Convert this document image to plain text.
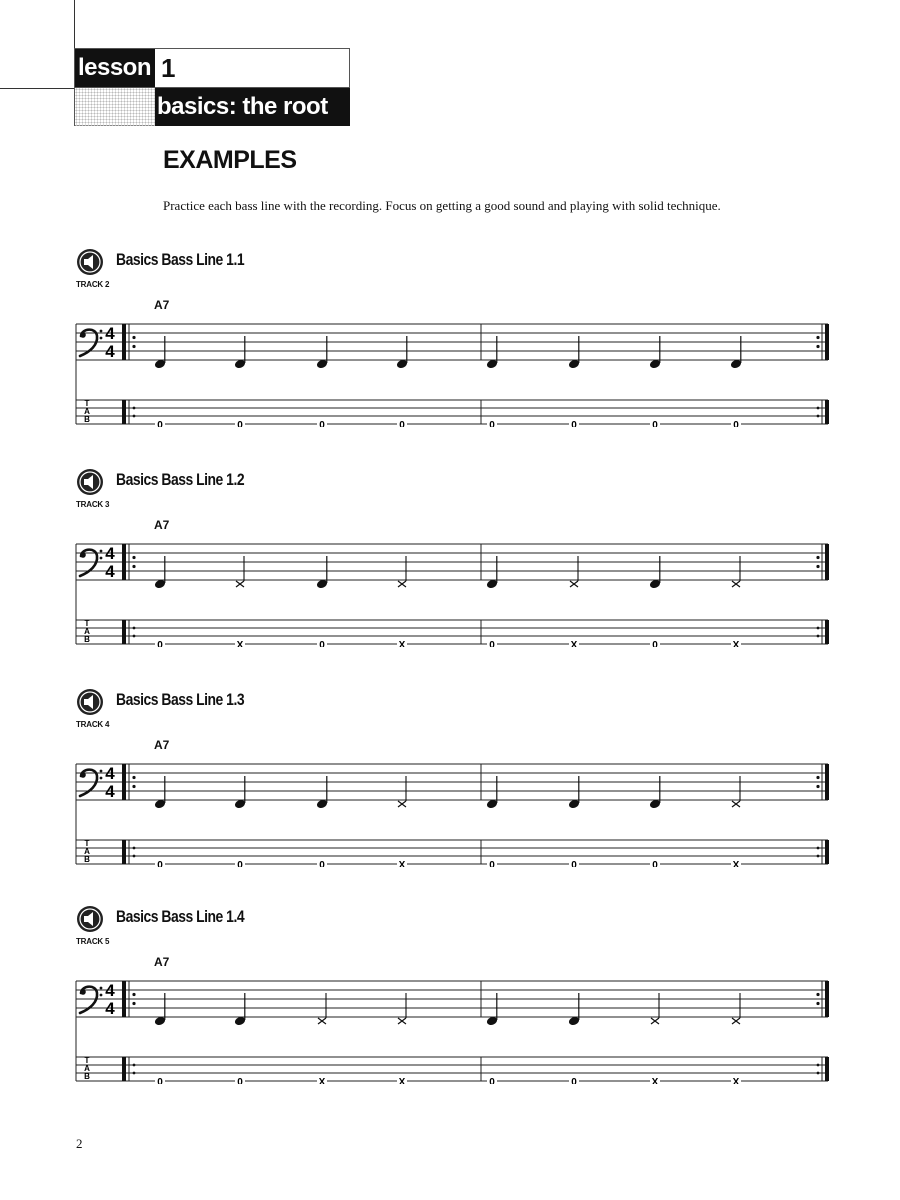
lesson 1
basics: the root
EXAMPLES
Practice each bass line with the recording. Focus on getting a good sound and playing with solid technique.
Basics Bass Line 1.1
TRACK 2
A7
4
4
T
A
B
0	0	0	0	0	0	0	0
Basics Bass Line 1.2
TRACK 3
A7
4
4
T
A
B
0	X	0	X	0	X	0	X
Basics Bass Line 1.3
TRACK 4
A7
4
4
T
A
B
0	0	0	X	0	0	0	X
Basics Bass Line 1.4
TRACK 5
A7
4
4
T
A
B
0	0	X	X	0	0	X	X
2
